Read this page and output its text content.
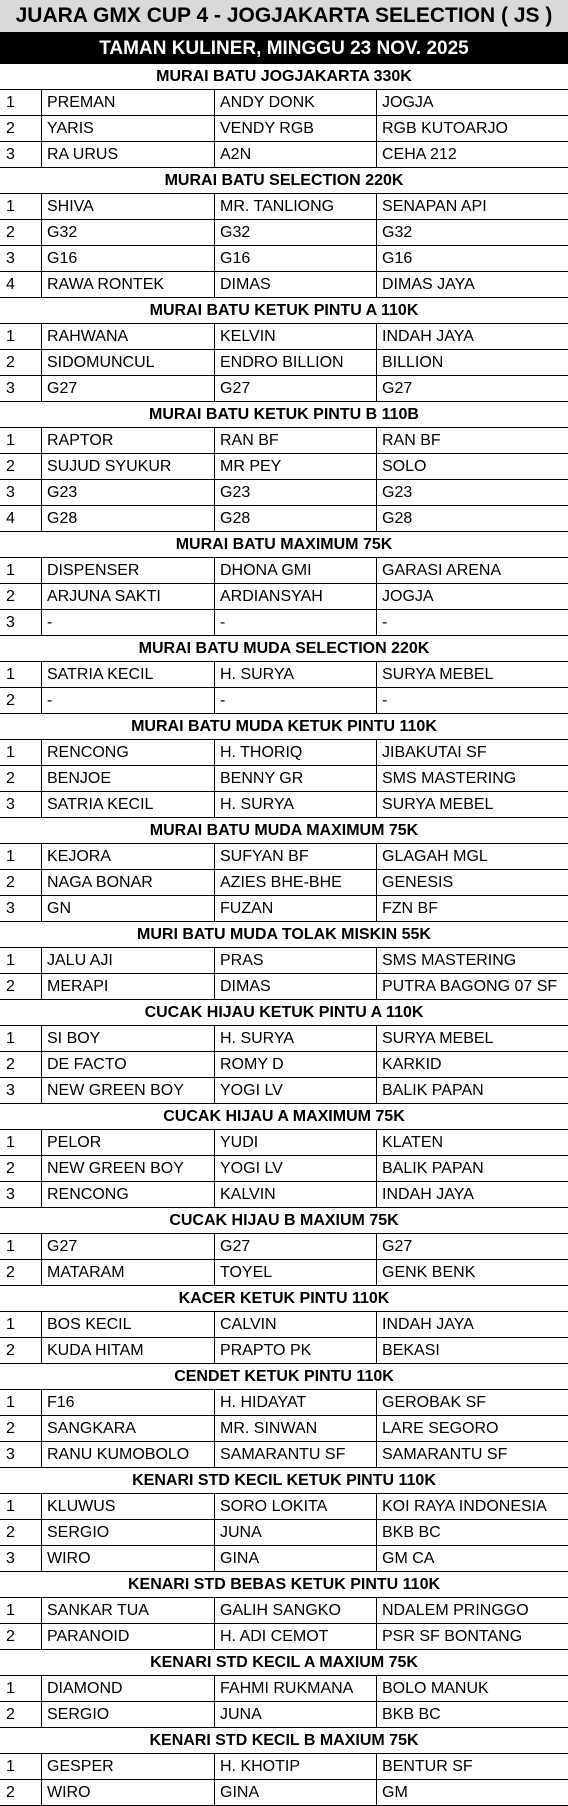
JUARA GMX CUP 4 - JOGJAKARTA SELECTION ( JS )
TAMAN KULINER, MINGGU 23 NOV. 2025
MURAI BATU JOGJAKARTA 330K
1	PREMAN	ANDY DONK	JOGJA
2	YARIS	VENDY RGB	RGB KUTOARJO
3	RA URUS	A2N	CEHA 212
MURAI BATU SELECTION 220K
1	SHIVA	MR. TANLIONG	SENAPAN API
2	G32	G32	G32
3	G16	G16	G16
4	RAWA RONTEK	DIMAS	DIMAS JAYA
MURAI BATU KETUK PINTU A 110K
1	RAHWANA	KELVIN	INDAH JAYA
2	SIDOMUNCUL	ENDRO BILLION	BILLION
3	G27	G27	G27
MURAI BATU KETUK PINTU B 110B
1	RAPTOR	RAN BF	RAN BF
2	SUJUD SYUKUR	MR PEY	SOLO
3	G23	G23	G23
4	G28	G28	G28
MURAI BATU MAXIMUM 75K
1	DISPENSER	DHONA GMI	GARASI ARENA
2	ARJUNA SAKTI	ARDIANSYAH	JOGJA
3	-	-	-
MURAI BATU MUDA SELECTION 220K
1	SATRIA KECIL	H. SURYA	SURYA MEBEL
2	-	-	-
MURAI BATU MUDA KETUK PINTU 110K
1	RENCONG	H. THORIQ	JIBAKUTAI SF
2	BENJOE	BENNY GR	SMS MASTERING
3	SATRIA KECIL	H. SURYA	SURYA MEBEL
MURAI BATU MUDA MAXIMUM 75K
1	KEJORA	SUFYAN BF	GLAGAH MGL
2	NAGA BONAR	AZIES BHE-BHE	GENESIS
3	GN	FUZAN	FZN BF
MURI BATU MUDA TOLAK MISKIN 55K
1	JALU AJI	PRAS	SMS MASTERING
2	MERAPI	DIMAS	PUTRA BAGONG 07 SF
CUCAK HIJAU KETUK PINTU A 110K
1	SI BOY	H. SURYA	SURYA MEBEL
2	DE FACTO	ROMY D	KARKID
3	NEW GREEN BOY	YOGI LV	BALIK PAPAN
CUCAK HIJAU A MAXIMUM 75K
1	PELOR	YUDI	KLATEN
2	NEW GREEN BOY	YOGI LV	BALIK PAPAN
3	RENCONG	KALVIN	INDAH JAYA
CUCAK HIJAU B MAXIUM 75K
1	G27	G27	G27
2	MATARAM	TOYEL	GENK BENK
KACER KETUK PINTU 110K
1	BOS KECIL	CALVIN	INDAH JAYA
2	KUDA HITAM	PRAPTO PK	BEKASI
CENDET KETUK PINTU 110K
1	F16	H. HIDAYAT	GEROBAK SF
2	SANGKARA	MR. SINWAN	LARE SEGORO
3	RANU KUMOBOLO	SAMARANTU SF	SAMARANTU SF
KENARI STD KECIL KETUK PINTU 110K
1	KLUWUS	SORO LOKITA	KOI RAYA INDONESIA
2	SERGIO	JUNA	BKB BC
3	WIRO	GINA	GM CA
KENARI STD BEBAS KETUK PINTU 110K
1	SANKAR TUA	GALIH SANGKO	NDALEM PRINGGO
2	PARANOID	H. ADI CEMOT	PSR SF BONTANG
KENARI STD KECIL A MAXIUM 75K
1	DIAMOND	FAHMI RUKMANA	BOLO MANUK
2	SERGIO	JUNA	BKB BC
KENARI STD KECIL B MAXIUM 75K
1	GESPER	H. KHOTIP	BENTUR SF
2	WIRO	GINA	GM
